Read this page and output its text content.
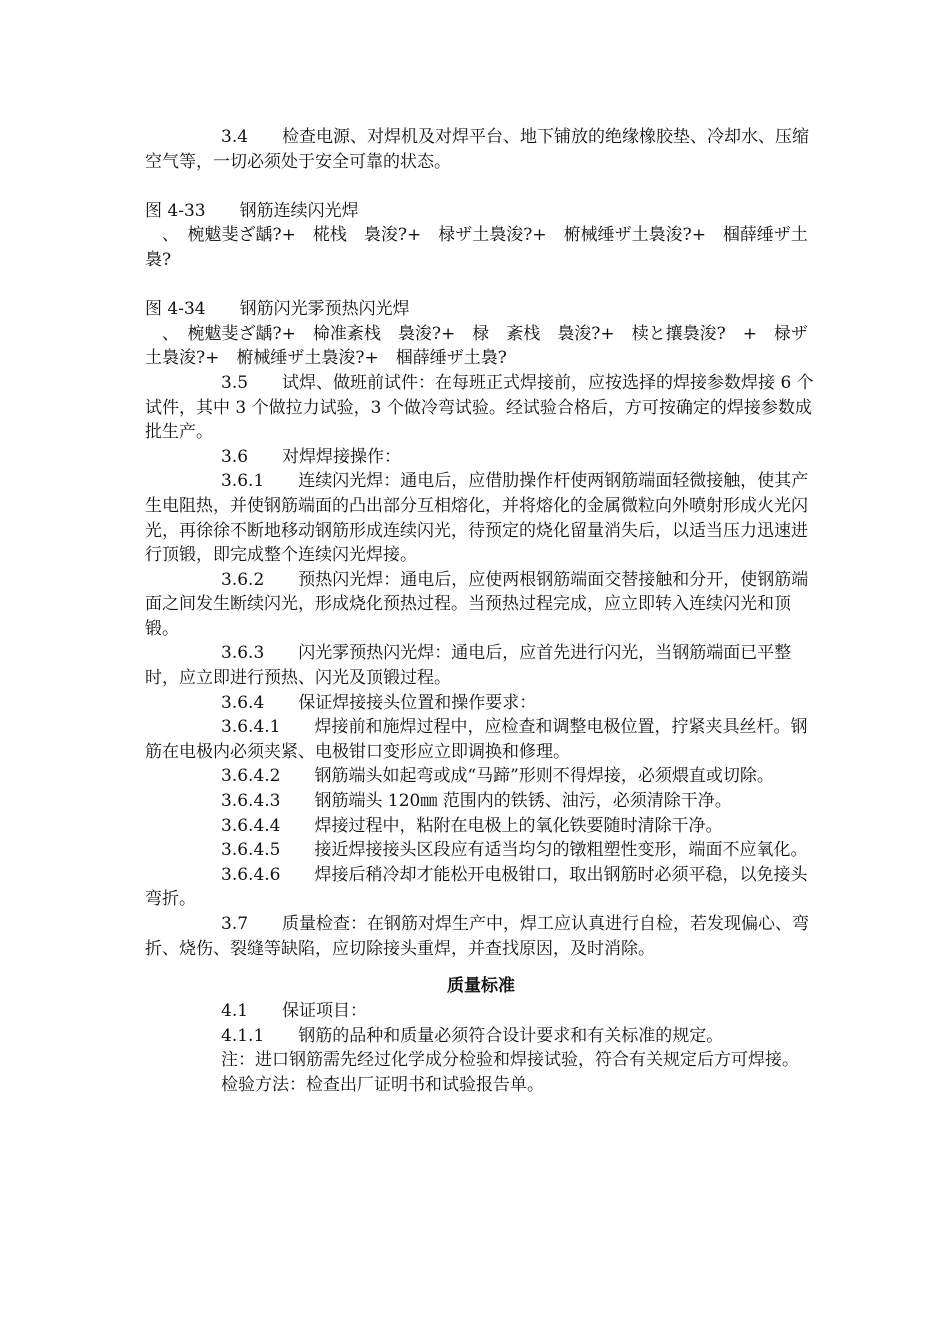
3.4　　检查电源、对焊机及对焊平台、地下铺放的绝缘橡胶垫、冷却水、压缩空气等，一切必须处于安全可靠的状态。

图 4-33　　钢筋连续闪光焊

　、　椀魃斐ざ龋?+　椛栈　裊浚?+　椂ザ土裊浚?+　椨械缍ザ土裊浚?+　椢薛缍ザ土裊?

图 4-34　　钢筋闪光雺预热闪光焊

　、　椀魃斐ざ龋?+　椧准紊栈　裊浚?+　椂　紊栈　裊浚?+　椟と攘裊浚?　+　椂ザ土裊浚?+　椨械缍ザ土裊浚?+　椢薛缍ザ土裊?

3.5　　试焊、做班前试件：在每班正式焊接前，应按选择的焊接参数焊接 6 个试件，其中 3 个做拉力试验，3 个做冷弯试验。经试验合格后，方可按确定的焊接参数成批生产。

3.6　　对焊焊接操作：

3.6.1　　连续闪光焊：通电后，应借肋操作杆使两钢筋端面轻微接触，使其产生电阻热，并使钢筋端面的凸出部分互相熔化，并将熔化的金属微粒向外喷射形成火光闪光，再徐徐不断地移动钢筋形成连续闪光，待预定的烧化留量消失后，以适当压力迅速进行顶锻，即完成整个连续闪光焊接。

3.6.2　　预热闪光焊：通电后，应使两根钢筋端面交替接触和分开，使钢筋端面之间发生断续闪光，形成烧化预热过程。当预热过程完成，应立即转入连续闪光和顶锻。

3.6.3　　闪光雺预热闪光焊：通电后，应首先进行闪光，当钢筋端面已平整时，应立即进行预热、闪光及顶锻过程。

3.6.4　　保证焊接接头位置和操作要求：

3.6.4.1　　焊接前和施焊过程中，应检查和调整电极位置，拧紧夹具丝杆。钢筋在电极内必须夹紧、电极钳口变形应立即调换和修理。

3.6.4.2　　钢筋端头如起弯或成“马蹄”形则不得焊接，必须煨直或切除。

3.6.4.3　　钢筋端头 120㎜ 范围内的铁锈、油污，必须清除干净。

3.6.4.4　　焊接过程中，粘附在电极上的氧化铁要随时清除干净。

3.6.4.5　　接近焊接接头区段应有适当均匀的镦粗塑性变形，端面不应氧化。

3.6.4.6　　焊接后稍冷却才能松开电极钳口，取出钢筋时必须平稳，以免接头弯折。

3.7　　质量检查：在钢筋对焊生产中，焊工应认真进行自检，若发现偏心、弯折、烧伤、裂缝等缺陷，应切除接头重焊，并查找原因，及时消除。

质量标准

4.1　　保证项目：

4.1.1　　钢筋的品种和质量必须符合设计要求和有关标准的规定。

注：进口钢筋需先经过化学成分检验和焊接试验，符合有关规定后方可焊接。

检验方法：检查出厂证明书和试验报告单。
